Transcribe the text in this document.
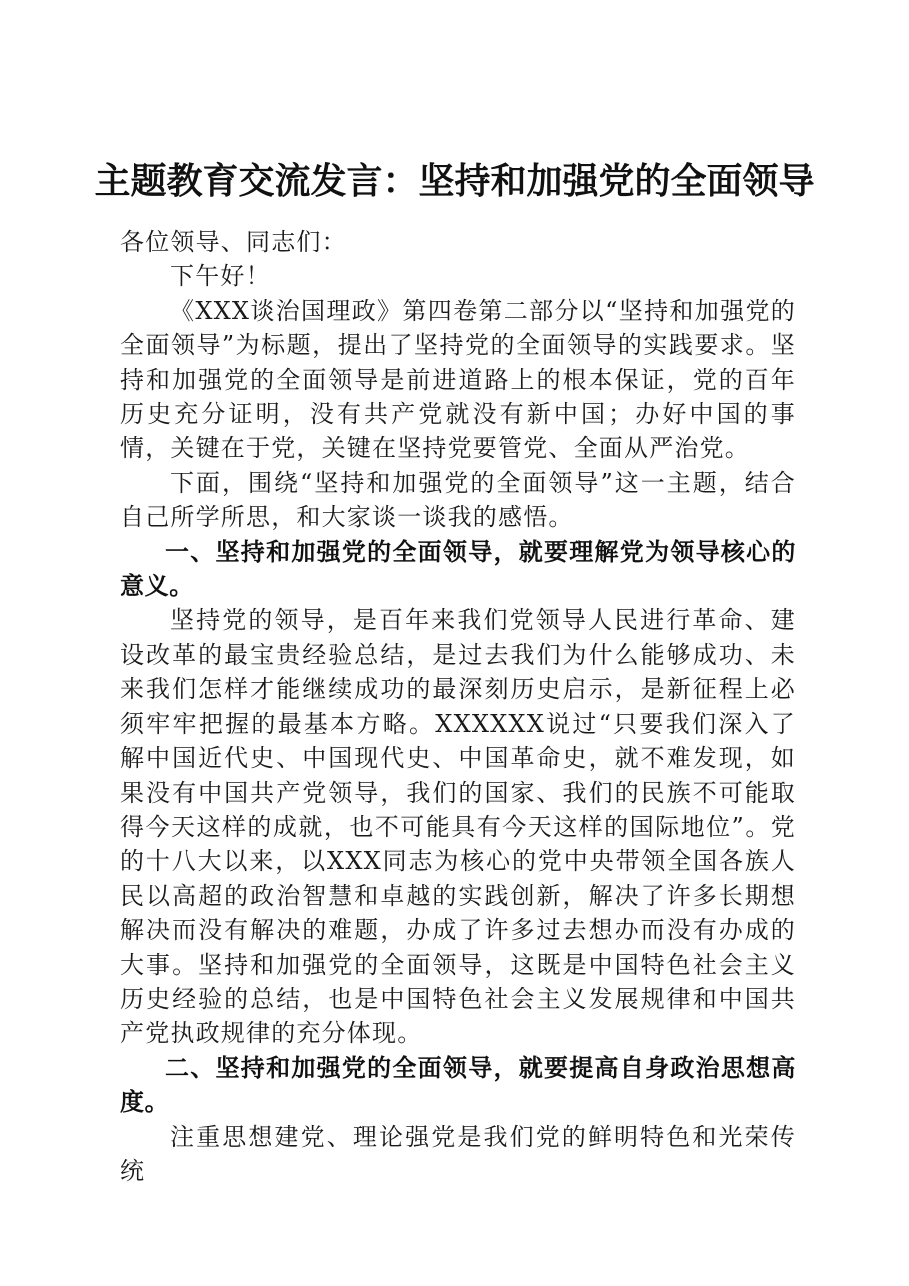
主题教育交流发言：坚持和加强党的全面领导

各位领导、同志们：

下午好！

《XXX谈治国理政》第四卷第二部分以“坚持和加强党的全面领导”为标题，提出了坚持党的全面领导的实践要求。坚持和加强党的全面领导是前进道路上的根本保证，党的百年历史充分证明，没有共产党就没有新中国；办好中国的事情，关键在于党，关键在坚持党要管党、全面从严治党。

下面，围绕“坚持和加强党的全面领导”这一主题，结合自己所学所思，和大家谈一谈我的感悟。

一、坚持和加强党的全面领导，就要理解党为领导核心的意义。

坚持党的领导，是百年来我们党领导人民进行革命、建设改革的最宝贵经验总结，是过去我们为什么能够成功、未来我们怎样才能继续成功的最深刻历史启示，是新征程上必须牢牢把握的最基本方略。XXXXXX说过“只要我们深入了解中国近代史、中国现代史、中国革命史，就不难发现，如果没有中国共产党领导，我们的国家、我们的民族不可能取得今天这样的成就，也不可能具有今天这样的国际地位”。党的十八大以来，以XXX同志为核心的党中央带领全国各族人民以高超的政治智慧和卓越的实践创新，解决了许多长期想解决而没有解决的难题，办成了许多过去想办而没有办成的大事。坚持和加强党的全面领导，这既是中国特色社会主义历史经验的总结，也是中国特色社会主义发展规律和中国共产党执政规律的充分体现。

二、坚持和加强党的全面领导，就要提高自身政治思想高度。

注重思想建党、理论强党是我们党的鲜明特色和光荣传统
